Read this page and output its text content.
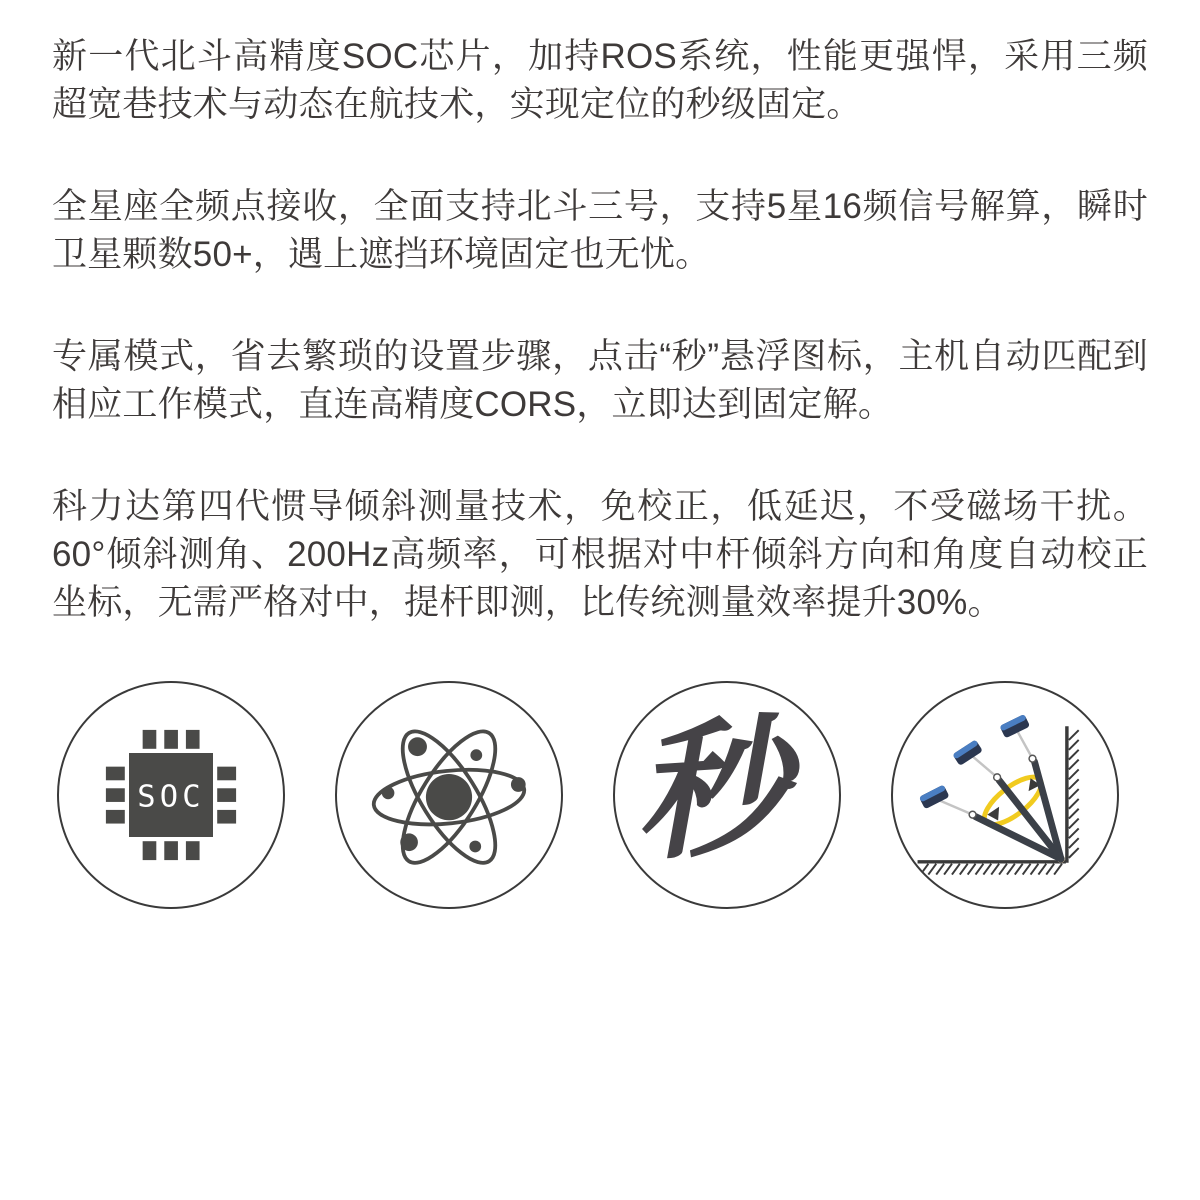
新一代北斗高精度SOC芯片，加持ROS系统，性能更强悍，采用三频超宽巷技术与动态在航技术，实现定位的秒级固定。

全星座全频点接收，全面支持北斗三号，支持5星16频信号解算，瞬时卫星颗数50+，遇上遮挡环境固定也无忧。

专属模式，省去繁琐的设置步骤，点击“秒”悬浮图标，主机自动匹配到相应工作模式，直连高精度CORS，立即达到固定解。

科力达第四代惯导倾斜测量技术，免校正，低延迟，不受磁场干扰。60°倾斜测角、200Hz高频率，可根据对中杆倾斜方向和角度自动校正坐标，无需严格对中，提杆即测，比传统测量效率提升30%。

SOC	秒
